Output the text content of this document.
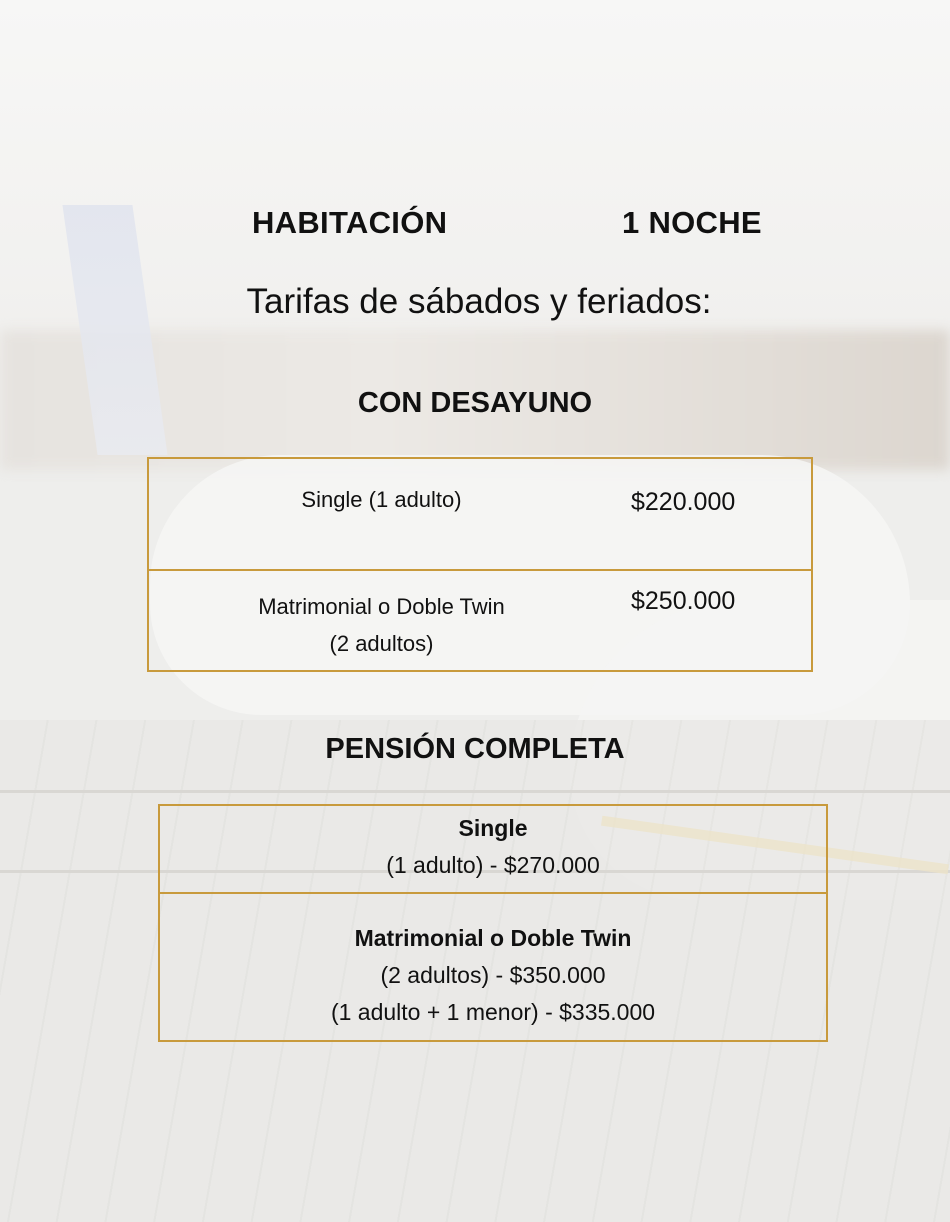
HABITACIÓN	1 NOCHE
Tarifas de sábados y feriados:
CON DESAYUNO
Single (1 adulto)	$220.000
Matrimonial o Doble Twin
(2 adultos)
$250.000
PENSIÓN COMPLETA
Single
(1 adulto) - $270.000
Matrimonial o Doble Twin
(2 adultos) - $350.000
(1 adulto + 1 menor) - $335.000
